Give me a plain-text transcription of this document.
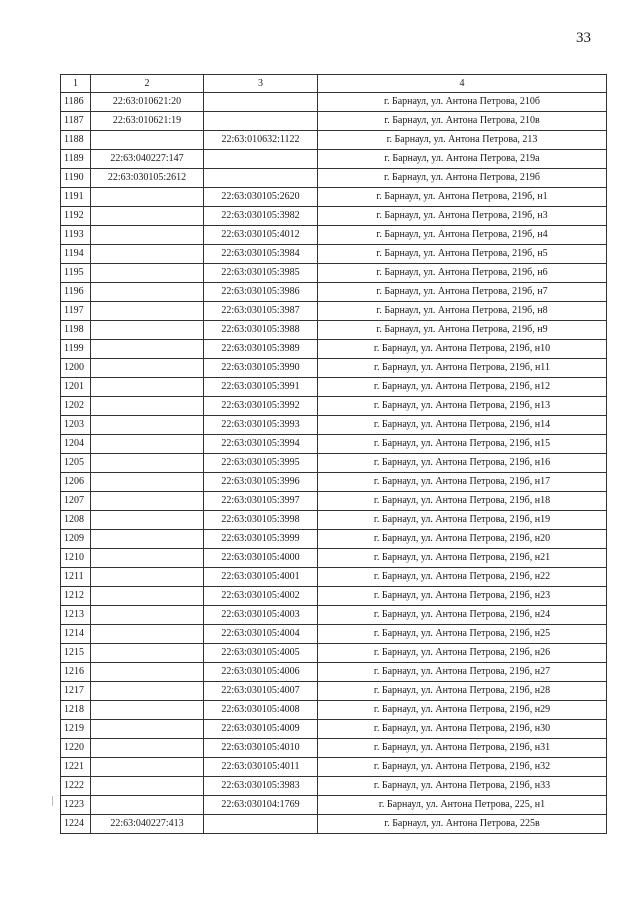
33
1	2	3	4
1186	22:63:010621:20		г. Барнаул, ул. Антона Петрова, 210б
1187	22:63:010621:19		г. Барнаул, ул. Антона Петрова, 210в
1188		22:63:010632:1122	г. Барнаул, ул. Антона Петрова, 213
1189	22:63:040227:147		г. Барнаул, ул. Антона Петрова, 219а
1190	22:63:030105:2612		г. Барнаул, ул. Антона Петрова, 219б
1191		22:63:030105:2620	г. Барнаул, ул. Антона Петрова, 219б, н1
1192		22:63:030105:3982	г. Барнаул, ул. Антона Петрова, 219б, н3
1193		22:63:030105:4012	г. Барнаул, ул. Антона Петрова, 219б, н4
1194		22:63:030105:3984	г. Барнаул, ул. Антона Петрова, 219б, н5
1195		22:63:030105:3985	г. Барнаул, ул. Антона Петрова, 219б, н6
1196		22:63:030105:3986	г. Барнаул, ул. Антона Петрова, 219б, н7
1197		22:63:030105:3987	г. Барнаул, ул. Антона Петрова, 219б, н8
1198		22:63:030105:3988	г. Барнаул, ул. Антона Петрова, 219б, н9
1199		22:63:030105:3989	г. Барнаул, ул. Антона Петрова, 219б, н10
1200		22:63:030105:3990	г. Барнаул, ул. Антона Петрова, 219б, н11
1201		22:63:030105:3991	г. Барнаул, ул. Антона Петрова, 219б, н12
1202		22:63:030105:3992	г. Барнаул, ул. Антона Петрова, 219б, н13
1203		22:63:030105:3993	г. Барнаул, ул. Антона Петрова, 219б, н14
1204		22:63:030105:3994	г. Барнаул, ул. Антона Петрова, 219б, н15
1205		22:63:030105:3995	г. Барнаул, ул. Антона Петрова, 219б, н16
1206		22:63:030105:3996	г. Барнаул, ул. Антона Петрова, 219б, н17
1207		22:63:030105:3997	г. Барнаул, ул. Антона Петрова, 219б, н18
1208		22:63:030105:3998	г. Барнаул, ул. Антона Петрова, 219б, н19
1209		22:63:030105:3999	г. Барнаул, ул. Антона Петрова, 219б, н20
1210		22:63:030105:4000	г. Барнаул, ул. Антона Петрова, 219б, н21
1211		22:63:030105:4001	г. Барнаул, ул. Антона Петрова, 219б, н22
1212		22:63:030105:4002	г. Барнаул, ул. Антона Петрова, 219б, н23
1213		22:63:030105:4003	г. Барнаул, ул. Антона Петрова, 219б, н24
1214		22:63:030105:4004	г. Барнаул, ул. Антона Петрова, 219б, н25
1215		22:63:030105:4005	г. Барнаул, ул. Антона Петрова, 219б, н26
1216		22:63:030105:4006	г. Барнаул, ул. Антона Петрова, 219б, н27
1217		22:63:030105:4007	г. Барнаул, ул. Антона Петрова, 219б, н28
1218		22:63:030105:4008	г. Барнаул, ул. Антона Петрова, 219б, н29
1219		22:63:030105:4009	г. Барнаул, ул. Антона Петрова, 219б, н30
1220		22:63:030105:4010	г. Барнаул, ул. Антона Петрова, 219б, н31
1221		22:63:030105:4011	г. Барнаул, ул. Антона Петрова, 219б, н32
1222		22:63:030105:3983	г. Барнаул, ул. Антона Петрова, 219б, н33
1223		22:63:030104:1769	г. Барнаул, ул. Антона Петрова, 225, н1
1224	22:63:040227:413		г. Барнаул, ул. Антона Петрова, 225в
